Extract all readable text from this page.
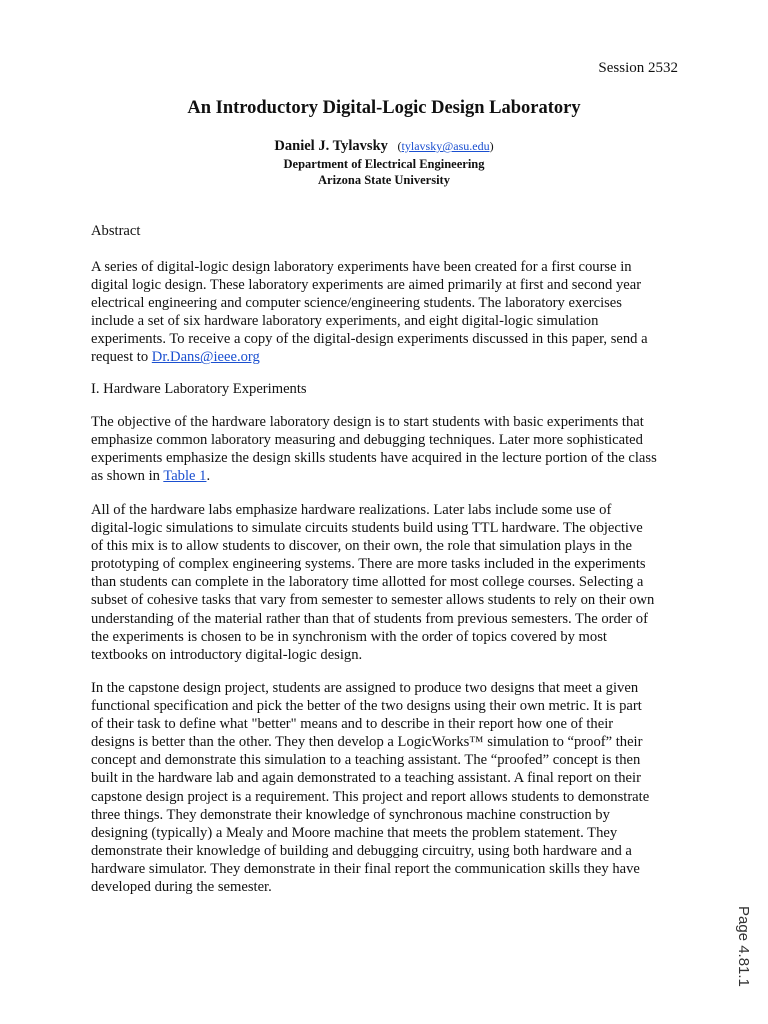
Session 2532
An Introductory Digital-Logic Design Laboratory
Daniel J. Tylavsky   (tylavsky@asu.edu)
Department of Electrical Engineering
Arizona State University

Abstract

A series of digital-logic design laboratory experiments have been created for a first course in

digital logic design. These laboratory experiments are aimed primarily at first and second year

electrical engineering and computer science/engineering students. The laboratory exercises

include a set of six hardware laboratory experiments, and eight digital-logic simulation

experiments. To receive a copy of the digital-design experiments discussed in this paper, send a

request to Dr.Dans@ieee.org

I. Hardware Laboratory Experiments

The objective of the hardware laboratory design is to start students with basic experiments that

emphasize common laboratory measuring and debugging techniques. Later more sophisticated

experiments emphasize the design skills students have acquired in the lecture portion of the class

as shown in Table 1.

All of the hardware labs emphasize hardware realizations. Later labs include some use of

digital-logic simulations to simulate circuits students build using TTL hardware. The objective

of this mix is to allow students to discover, on their own, the role that simulation plays in the

prototyping of complex engineering systems. There are more tasks included in the experiments

than students can complete in the laboratory time allotted for most college courses. Selecting a

subset of cohesive tasks that vary from semester to semester allows students to rely on their own

understanding of the material rather than that of students from previous semesters. The order of

the experiments is chosen to be in synchronism with the order of topics covered by most

textbooks on introductory digital-logic design.

In the capstone design project, students are assigned to produce two designs that meet a given

functional specification and pick the better of the two designs using their own metric. It is part

of their task to define what "better" means and to describe in their report how one of their

designs is better than the other. They then develop a LogicWorks™ simulation to “proof” their

concept and demonstrate this simulation to a teaching assistant. The “proofed” concept is then

built in the hardware lab and again demonstrated to a teaching assistant. A final report on their

capstone design project is a requirement. This project and report allows students to demonstrate

three things. They demonstrate their knowledge of synchronous machine construction by

designing (typically) a Mealy and Moore machine that meets the problem statement. They

demonstrate their knowledge of building and debugging circuitry, using both hardware and a

hardware simulator. They demonstrate in their final report the communication skills they have

developed during the semester.

Page 4.81.1
